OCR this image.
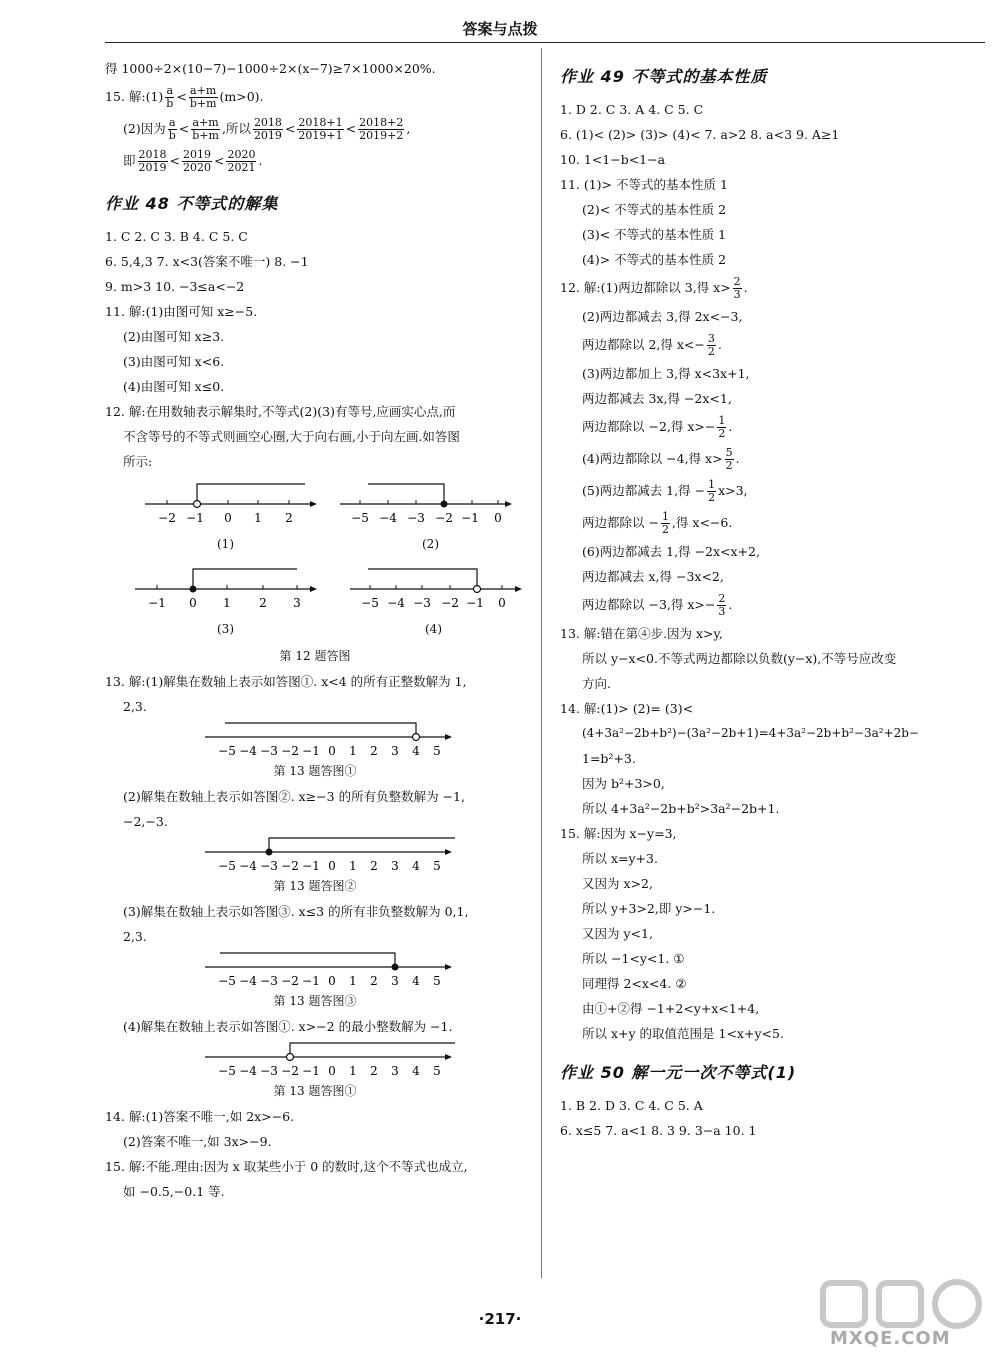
答案与点拨
得 1000÷2×(10−7)−1000÷2×(x−7)≥7×1000×20%.
15. 解:(1) $\frac{a}{b} < \frac{a+m}{b+m} (m>0)$.
(2)因为 $\frac{a}{b} < \frac{a+m}{b+m}$ ,所以 $\frac{2018}{2019} < \frac{2018+1}{2019+1} < \frac{2018+2}{2019+2}$ ,
即 $\frac{2018}{2019} < \frac{2019}{2020} < \frac{2020}{2021}$ .
作业 48 不等式的解集
1. C 2. C 3. B 4. C 5. C
6. 5,4,3 7. x<3(答案不唯一) 8. −1
9. m>3 10. −3≤a<−2
11. 解:(1)由图可知 x≥−5.
(2)由图可知 x≥3.
(3)由图可知 x<6.
(4)由图可知 x≤0.
12. 解:在用数轴表示解集时,不等式(2)(3)有等号,应画实心点,而
不含等号的不等式则画空心圈,大于向右画,小于向左画.如答图
所示:
−2 −1 0 1 2	−5 −4 −3 −2 −1 0
−1 0 1 2 3	−5 −4 −3 −2 −1 0
(1)	(2)
(3)	(4)
第 12 题答图
13. 解:(1)解集在数轴上表示如答图①. x<4 的所有正整数解为 1,
2,3.
−5 −4 −3 −2 −1 0 1 2 3 4 5
第 13 题答图①
(2)解集在数轴上表示如答图②. x≥−3 的所有负整数解为 −1,
−2,−3.
−5 −4 −3 −2 −1 0 1 2 3 4 5
第 13 题答图②
(3)解集在数轴上表示如答图③. x≤3 的所有非负整数解为 0,1,
2,3.
−5 −4 −3 −2 −1 0 1 2 3 4 5
第 13 题答图③
(4)解集在数轴上表示如答图①. x>−2 的最小整数解为 −1.
−5 −4 −3 −2 −1 0 1 2 3 4 5
第 13 题答图①
14. 解:(1)答案不唯一,如 2x>−6.
(2)答案不唯一,如 3x>−9.
15. 解:不能.理由:因为 x 取某些小于 0 的数时,这个不等式也成立,
如 −0.5,−0.1 等.
作业 49 不等式的基本性质
1. D 2. C 3. A 4. C 5. C
6. (1)< (2)> (3)> (4)< 7. a>2 8. a<3 9. A≥1
10. 1<1−b<1−a
11. (1)> 不等式的基本性质 1
(2)< 不等式的基本性质 2
(3)< 不等式的基本性质 1
(4)> 不等式的基本性质 2
12. 解:(1)两边都除以 3,得 $x> \frac{2}{3}$ .
(2)两边都减去 3,得 2x<−3,
两边都除以 2,得 $x<- \frac{3}{2}$ .
(3)两边都加上 3,得 x<3x+1,
两边都减去 3x,得 −2x<1,
两边都除以 −2,得 $x>- \frac{1}{2}$ .
(4)两边都除以 −4,得 $x> \frac{5}{2}$ .
(5)两边都减去 1,得 − $\frac{1}{2} x>3$,
两边都除以 − $\frac{1}{2}$ ,得 x<−6.
(6)两边都减去 1,得 −2x<x+2,
两边都减去 x,得 −3x<2,
两边都除以 −3,得 $x>- \frac{2}{3}$ .
13. 解:错在第④步.因为 x>y,
所以 y−x<0.不等式两边都除以负数(y−x),不等号应改变
方向.
14. 解:(1)> (2)= (3)<
(4+3a²−2b+b²)−(3a²−2b+1)=4+3a²−2b+b²−3a²+2b−
1=b²+3.
因为 b²+3>0,
所以 4+3a²−2b+b²>3a²−2b+1.
15. 解:因为 x−y=3,
所以 x=y+3.
又因为 x>2,
所以 y+3>2,即 y>−1.
又因为 y<1,
所以 −1<y<1. ①
同理得 2<x<4. ②
由①+②得 −1+2<y+x<1+4,
所以 x+y 的取值范围是 1<x+y<5.
作业 50 解一元一次不等式(1)
1. B 2. D 3. C 4. C 5. A
6. x≤5 7. a<1 8. 3 9. 3−a 10. 1
·217·
MXQE.COM
